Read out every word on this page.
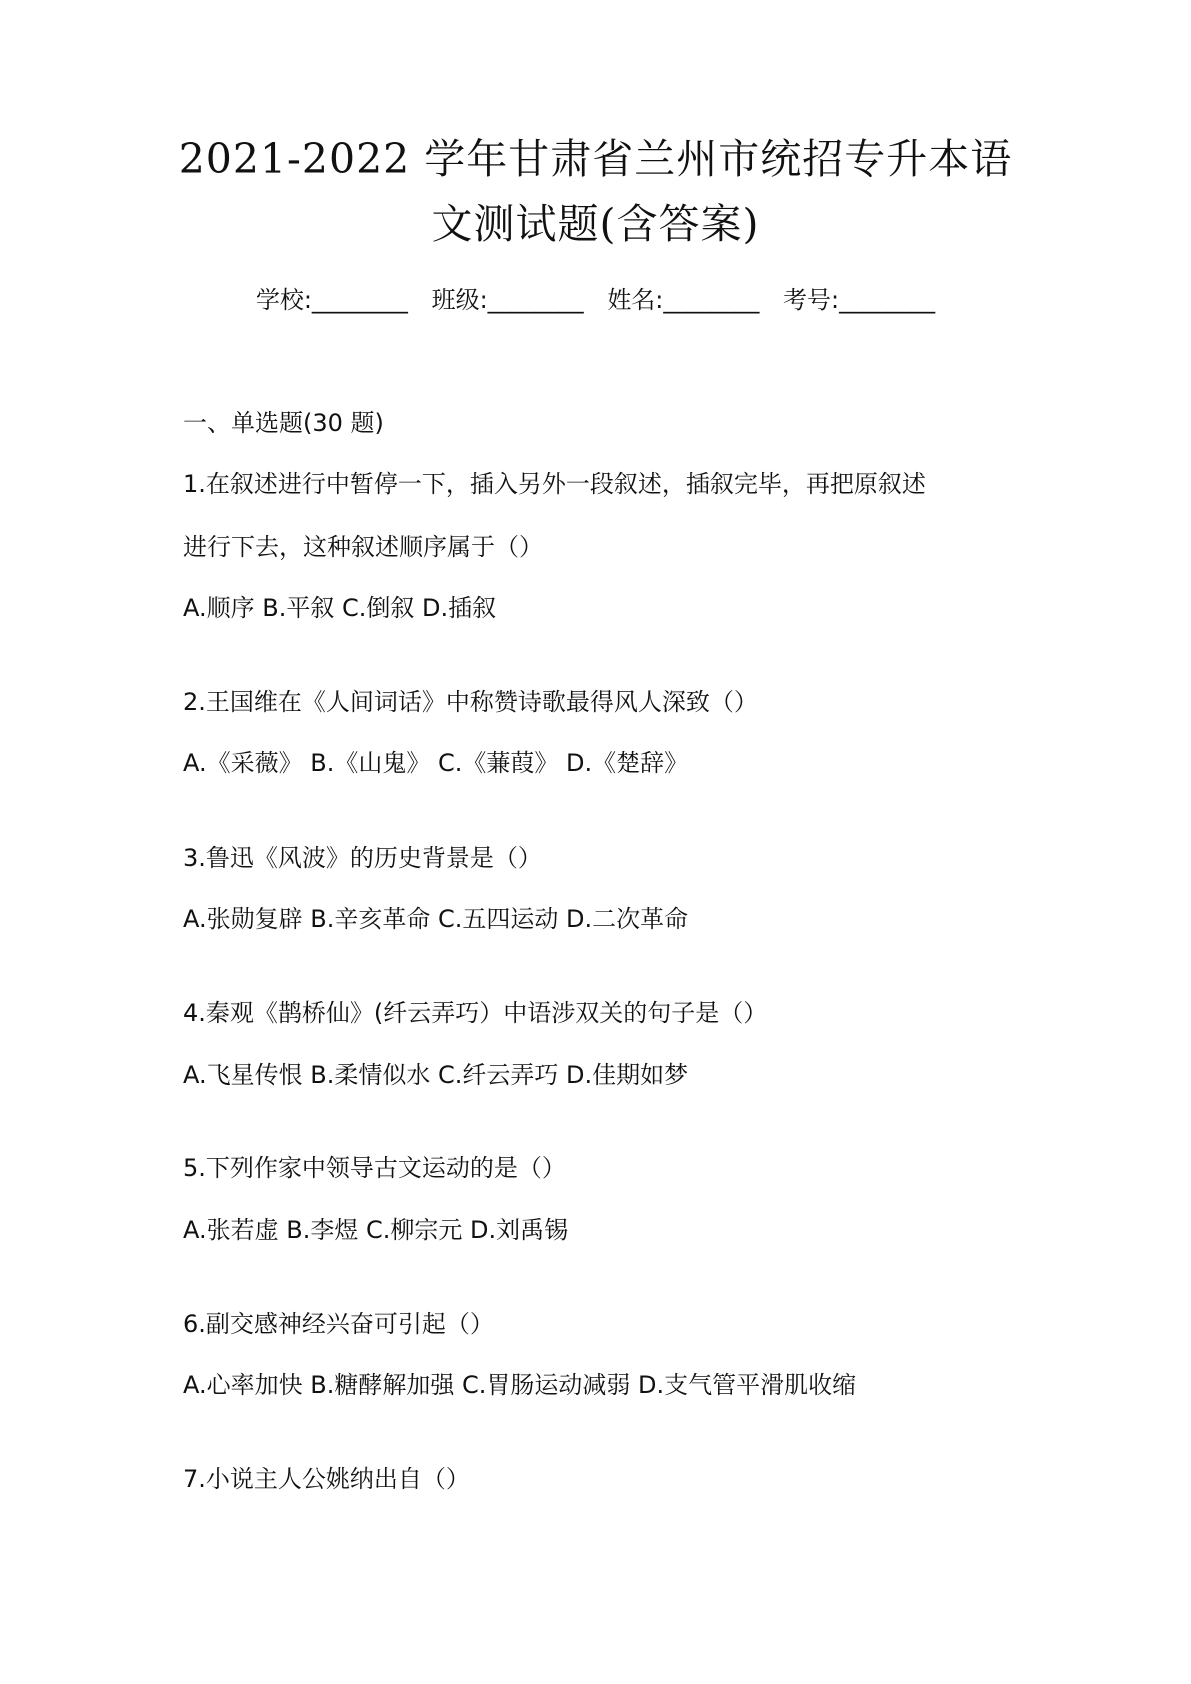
2021-2022 学年甘肃省兰州市统招专升本语
文测试题(含答案)
学校:________ 班级:________ 姓名:________ 考号:________
一、单选题(30 题)
1.在叙述进行中暂停一下，插入另外一段叙述，插叙完毕，再把原叙述
进行下去，这种叙述顺序属于（）
A.顺序 B.平叙 C.倒叙 D.插叙
2.王国维在《人间词话》中称赞诗歌最得风人深致（）
A.《采薇》 B.《山鬼》 C.《蒹葭》 D.《楚辞》
3.鲁迅《风波》的历史背景是（）
A.张勋复辟 B.辛亥革命 C.五四运动 D.二次革命
4.秦观《鹊桥仙》(纤云弄巧）中语涉双关的句子是（）
A.飞星传恨 B.柔情似水 C.纤云弄巧 D.佳期如梦
5.下列作家中领导古文运动的是（）
A.张若虚 B.李煜 C.柳宗元 D.刘禹锡
6.副交感神经兴奋可引起（）
A.心率加快 B.糖酵解加强 C.胃肠运动减弱 D.支气管平滑肌收缩
7.小说主人公姚纳出自（）
